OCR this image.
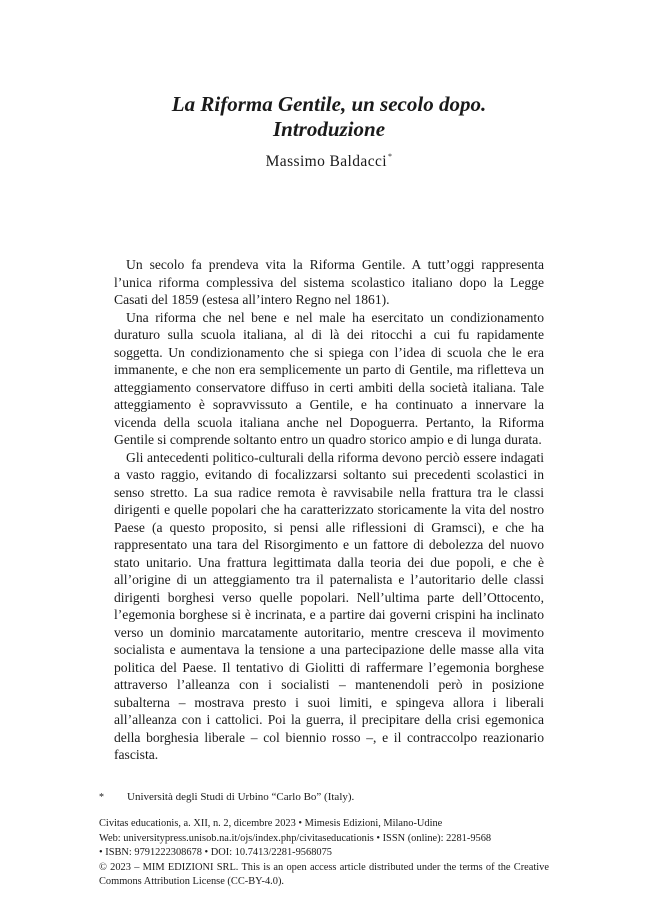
La Riforma Gentile, un secolo dopo.
Introduzione
Massimo Baldacci*

Un secolo fa prendeva vita la Riforma Gentile. A tutt’oggi rappresenta l’unica riforma complessiva del sistema scolastico italiano dopo la Legge Casati del 1859 (estesa all’intero Regno nel 1861).

Una riforma che nel bene e nel male ha esercitato un condizionamento duraturo sulla scuola italiana, al di là dei ritocchi a cui fu rapidamente soggetta. Un condizionamento che si spiega con l’idea di scuola che le era immanente, e che non era semplicemente un parto di Gentile, ma rifletteva un atteggiamento conservatore diffuso in certi ambiti della società italiana. Tale atteggiamento è sopravvissuto a Gentile, e ha continuato a innervare la vicenda della scuola italiana anche nel Dopoguerra. Pertanto, la Riforma Gentile si comprende soltanto entro un quadro storico ampio e di lunga durata.

Gli antecedenti politico-culturali della riforma devono perciò essere indagati a vasto raggio, evitando di focalizzarsi soltanto sui precedenti scolastici in senso stretto. La sua radice remota è ravvisabile nella frattura tra le classi dirigenti e quelle popolari che ha caratterizzato storicamente la vita del nostro Paese (a questo proposito, si pensi alle riflessioni di Gramsci), e che ha rappresentato una tara del Risorgimento e un fattore di debolezza del nuovo stato unitario. Una frattura legittimata dalla teoria dei due popoli, e che è all’origine di un atteggiamento tra il paternalista e l’autoritario delle classi dirigenti borghesi verso quelle popolari. Nell’ultima parte dell’Ottocento, l’egemonia borghese si è incrinata, e a partire dai governi crispini ha inclinato verso un dominio marcatamente autoritario, mentre cresceva il movimento socialista e aumentava la tensione a una partecipazione delle masse alla vita politica del Paese. Il tentativo di Giolitti di raffermare l’egemonia borghese attraverso l’alleanza con i socialisti – mantenendoli però in posizione subalterna – mostrava presto i suoi limiti, e spingeva allora i liberali all’alleanza con i cattolici. Poi la guerra, il precipitare della crisi egemonica della borghesia liberale – col biennio rosso –, e il contraccolpo reazionario fascista.

* Università degli Studi di Urbino “Carlo Bo” (Italy).
Civitas educationis, a. XII, n. 2, dicembre 2023 • Mimesis Edizioni, Milano-Udine
Web: universitypress.unisob.na.it/ojs/index.php/civitaseducationis • ISSN (online): 2281-9568
• ISBN: 9791222308678 • DOI: 10.7413/2281-9568075
© 2023 – MIM EDIZIONI SRL. This is an open access article distributed under the terms of the Creative Commons Attribution License (CC-BY-4.0).
